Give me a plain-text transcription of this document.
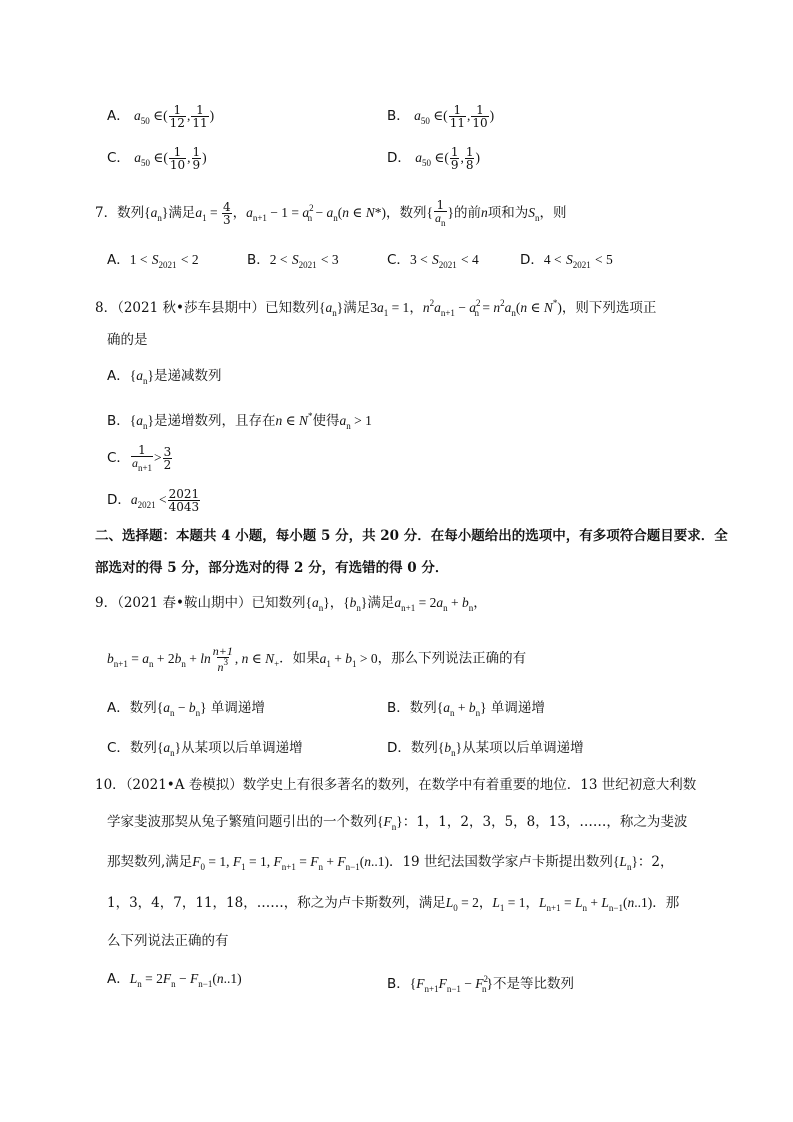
A． $a_{50}$ ∈( $\frac{1}{12}$ , $\frac{1}{11}$ )	B． $a_{50}$ ∈( $\frac{1}{11}$ , $\frac{1}{10}$ )
C． $a_{50}$ ∈( $\frac{1}{10}$ , $\frac{1}{9}$ )	D． $a_{50}$ ∈( $\frac{1}{9}$ , $\frac{1}{8}$ )
7．数列$\{a_n\}$满足$a_1 = \frac{4}{3}$ ，$a_{n+1} - 1 = a^2_n - a_n(n$ ∈ N*)，数列{ $\frac{1}{a_n}$ }的前n项和为$S_n$，则
A．$1 < S_{2021} < 2$	B．$2 < S_{2021} < 3$	C．$3 < S_{2021} < 4$	D．$4 < S_{2021} < 5$
8．（2021 秋•莎车县期中）已知数列$\{a_n\}$满足$3a_1 = 1$，$n^2a_{n+1} - a^2_n = n^2a_n(n$ ∈ N*)，则下列选项正
确的是
A．$\{a_n\}$是递减数列
B．$\{a_n\}$是递增数列，且存在n ∈ N*使得$a_n > 1$
C． $\frac{1}{a_{n+1}} > \frac{3}{2}$
D．$a_{2021} < \frac{2021}{4043}$
二、选择题：本题共 4 小题，每小题 5 分，共 20 分．在每小题给出的选项中，有多项符合题目要求．全
部选对的得 5 分，部分选对的得 2 分，有选错的得 0 分．
9．（2021 春•鞍山期中）已知数列$\{a_n\}$，$\{b_n\}$满足$a_{n+1} = 2a_n + b_n$，
$b_{n+1} = a_n + 2b_n + \ln \frac{n+1}{n^3}$ , n ∈ $N_+$．如果$a_1 + b_1 > 0$，那么下列说法正确的有
A．数列$\{a_n - b_n\}$ 单调递增	B．数列$\{a_n + b_n\}$ 单调递增
C．数列$\{a_n\}$从某项以后单调递增	D．数列$\{b_n\}$从某项以后单调递增
10．（2021•A 卷模拟）数学史上有很多著名的数列，在数学中有着重要的地位．13 世纪初意大利数
学家斐波那契从兔子繁殖问题引出的一个数列$\{F_n\}$：1，1，2，3，5，8，13，……，称之为斐波
那契数列,满足$F_0 = 1$, $F_1 = 1$, $F_{n+1} = F_n + F_{n-1}(n..1)$．19 世纪法国数学家卢卡斯提出数列$\{L_n\}$：2，
1，3，4，7，11，18，……，称之为卢卡斯数列，满足$L_0 = 2$，$L_1 = 1$，$L_{n+1} = L_n + L_{n-1}(n..1)$．那
么下列说法正确的有
A．$L_n = 2F_n - F_{n-1}(n..1)$	B．$\{F_{n+1}F_{n-1} - F^2_n\}$不是等比数列
